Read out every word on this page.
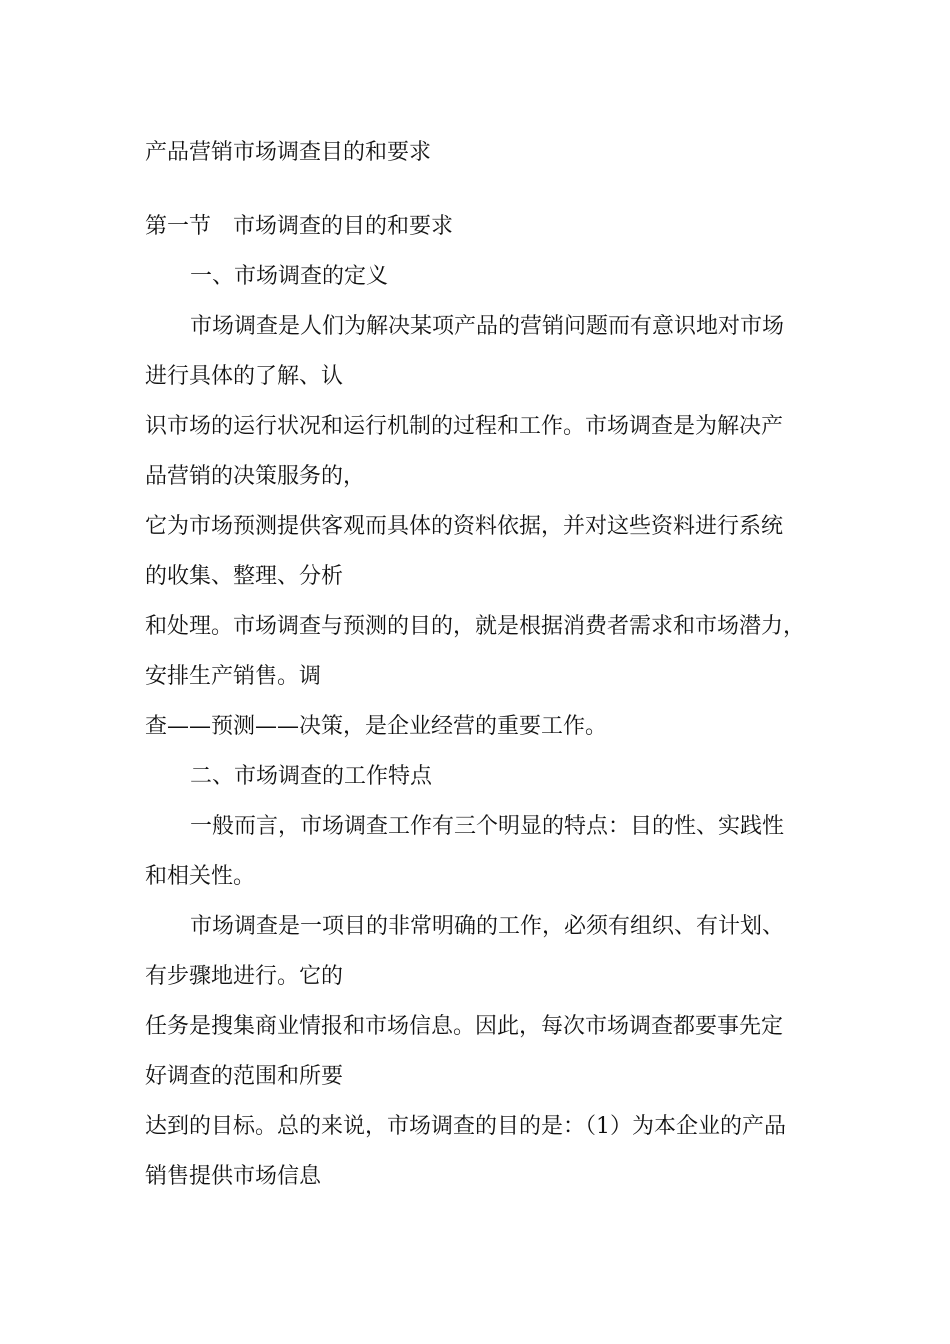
产品营销市场调查目的和要求
第一节　市场调查的目的和要求
一、市场调查的定义
市场调查是人们为解决某项产品的营销问题而有意识地对市场
进行具体的了解、认
识市场的运行状况和运行机制的过程和工作。市场调查是为解决产
品营销的决策服务的，
它为市场预测提供客观而具体的资料依据，并对这些资料进行系统
的收集、整理、分析
和处理。市场调查与预测的目的，就是根据消费者需求和市场潜力，
安排生产销售。调
查——预测——决策，是企业经营的重要工作。
二、市场调查的工作特点
一般而言，市场调查工作有三个明显的特点：目的性、实践性
和相关性。
市场调查是一项目的非常明确的工作，必须有组织、有计划、
有步骤地进行。它的
任务是搜集商业情报和市场信息。因此，每次市场调查都要事先定
好调查的范围和所要
达到的目标。总的来说，市场调查的目的是：（1）为本企业的产品
销售提供市场信息
